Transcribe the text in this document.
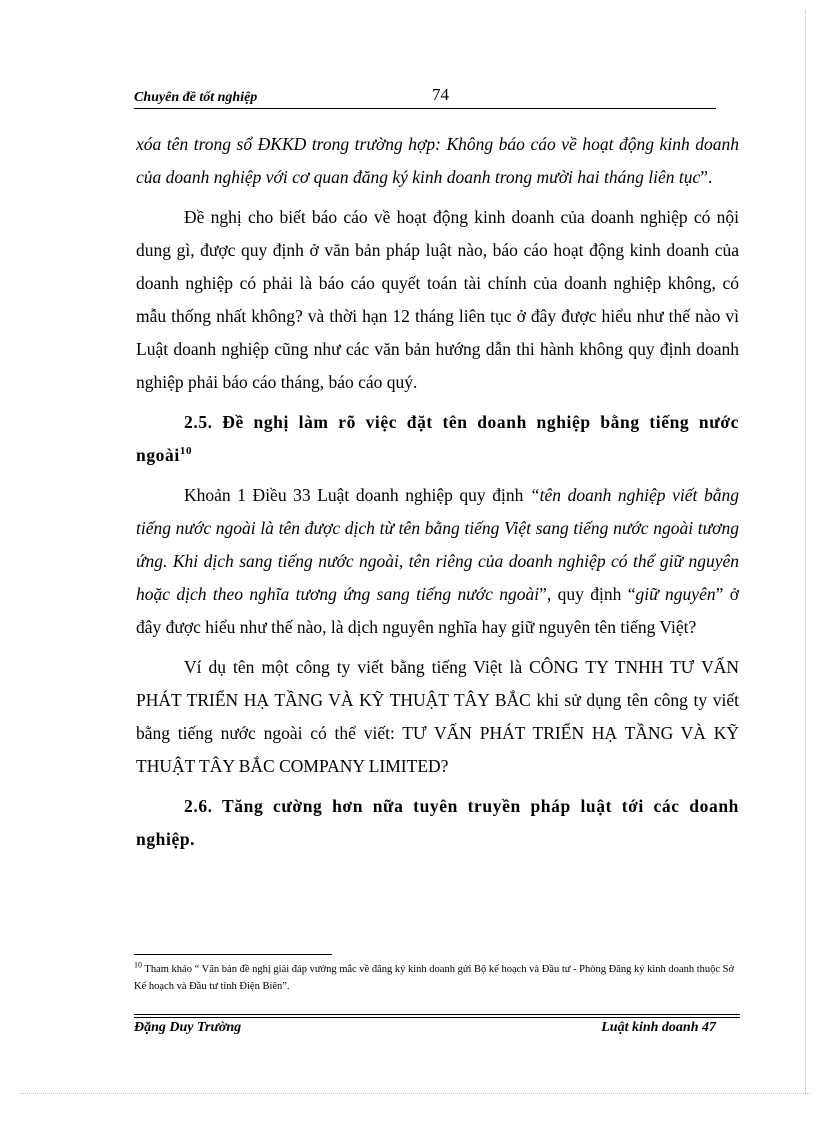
Chuyên đề tốt nghiệp	74

xóa tên trong sổ ĐKKD trong trường hợp: Không báo cáo về hoạt động kinh doanh của doanh nghiệp với cơ quan đăng ký kinh doanh trong mười hai tháng liên tục”.

Đề nghị cho biết báo cáo về hoạt động kinh doanh của doanh nghiệp có nội dung gì, được quy định ở văn bản pháp luật nào, báo cáo hoạt động kinh doanh của doanh nghiệp có phải là báo cáo quyết toán tài chính của doanh nghiệp không, có mẫu thống nhất không? và thời hạn 12 tháng liên tục ở đây được hiểu như thế nào vì Luật doanh nghiệp cũng như các văn bản hướng dẫn thi hành không quy định doanh nghiệp phải báo cáo tháng, báo cáo quý.

2.5. Đề nghị làm rõ việc đặt tên doanh nghiệp bằng tiếng nước ngoài$^{10}$

Khoản 1 Điều 33 Luật doanh nghiệp quy định “tên doanh nghiệp viết bằng tiếng nước ngoài là tên được dịch từ tên bằng tiếng Việt sang tiếng nước ngoài tương ứng. Khi dịch sang tiếng nước ngoài, tên riêng của doanh nghiệp có thể giữ nguyên hoặc dịch theo nghĩa tương ứng sang tiếng nước ngoài”, quy định “giữ nguyên” ở đây được hiểu như thế nào, là dịch nguyên nghĩa hay giữ nguyên tên tiếng Việt?

Ví dụ tên một công ty viết bằng tiếng Việt là CÔNG TY TNHH TƯ VẤN PHÁT TRIỂN HẠ TẦNG VÀ KỸ THUẬT TÂY BẮC khi sử dụng tên công ty viết bằng tiếng nước ngoài có thể viết: TƯ VẤN PHÁT TRIỂN HẠ TẦNG VÀ KỸ THUẬT TÂY BẮC COMPANY LIMITED?

2.6. Tăng cường hơn nữa tuyên truyền pháp luật tới các doanh nghiệp.
$^{10}$ Tham khảo “ Văn bản đề nghị giải đáp vướng mắc về đăng ký kinh doanh gửi Bộ kế hoạch và Đầu tư - Phòng Đăng ký kinh doanh thuộc Sở Kế hoạch và Đầu tư tỉnh Điện Biên”.
Đặng Duy Trường	Luật kinh doanh 47
